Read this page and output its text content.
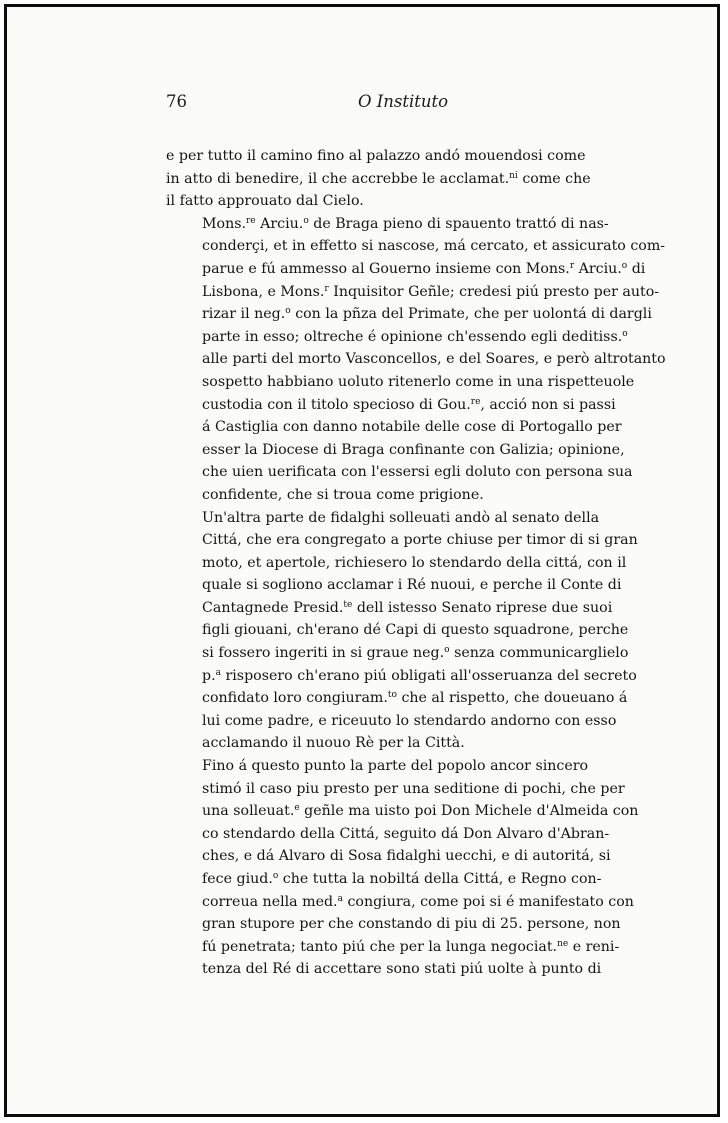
76	O Instituto

e per tutto il camino fino al palazzo andó mouendosi come
in atto di benedire, il che accrebbe le acclamat.$^{ni}$ come che
il fatto approuato dal Cielo.

Mons.$^{re}$ Arciu.$^o$ de Braga pieno di spauento trattó di nas-
conderçi, et in effetto si nascose, má cercato, et assicurato com-
parue e fú ammesso al Gouerno insieme con Mons.$^r$ Arciu.$^o$ di
Lisbona, e Mons.$^r$ Inquisitor Geñle; credesi piú presto per auto-
rizar il neg.$^o$ con la pñza del Primate, che per uolontá di dargli
parte in esso; oltreche é opinione ch'essendo egli deditiss.$^o$
alle parti del morto Vasconcellos, e del Soares, e però altrotanto
sospetto habbiano uoluto ritenerlo come in una rispetteuole
custodia con il titolo specioso di Gou.$^{re}$, acció non si passi
á Castiglia con danno notabile delle cose di Portogallo per
esser la Diocese di Braga confinante con Galizia; opinione,
che uien uerificata con l'essersi egli doluto con persona sua
confidente, che si troua come prigione.

Un'altra parte de fidalghi solleuati andò al senato della
Cittá, che era congregato a porte chiuse per timor di si gran
moto, et apertole, richiesero lo stendardo della cittá, con il
quale si sogliono acclamar i Ré nuoui, e perche il Conte di
Cantagnede Presid.$^{te}$ dell istesso Senato riprese due suoi
figli giouani, ch'erano dé Capi di questo squadrone, perche
si fossero ingeriti in si graue neg.$^o$ senza communicarglielo
p.$^a$ risposero ch'erano piú obligati all'osseruanza del secreto
confidato loro congiuram.$^{to}$ che al rispetto, che doueuano á
lui come padre, e riceuuto lo stendardo andorno con esso
acclamando il nuouo Rè per la Città.

Fino á questo punto la parte del popolo ancor sincero
stimó il caso piu presto per una seditione di pochi, che per
una solleuat.$^e$ geñle ma uisto poi Don Michele d'Almeida con
co stendardo della Cittá, seguito dá Don Alvaro d'Abran-
ches, e dá Alvaro di Sosa fidalghi uecchi, e di autoritá, si
fece giud.$^o$ che tutta la nobiltá della Cittá, e Regno con-
correua nella med.$^a$ congiura, come poi si é manifestato con
gran stupore per che constando di piu di 25. persone, non
fú penetrata; tanto piú che per la lunga negociat.$^{ne}$ e reni-
tenza del Ré di accettare sono stati piú uolte à punto di
